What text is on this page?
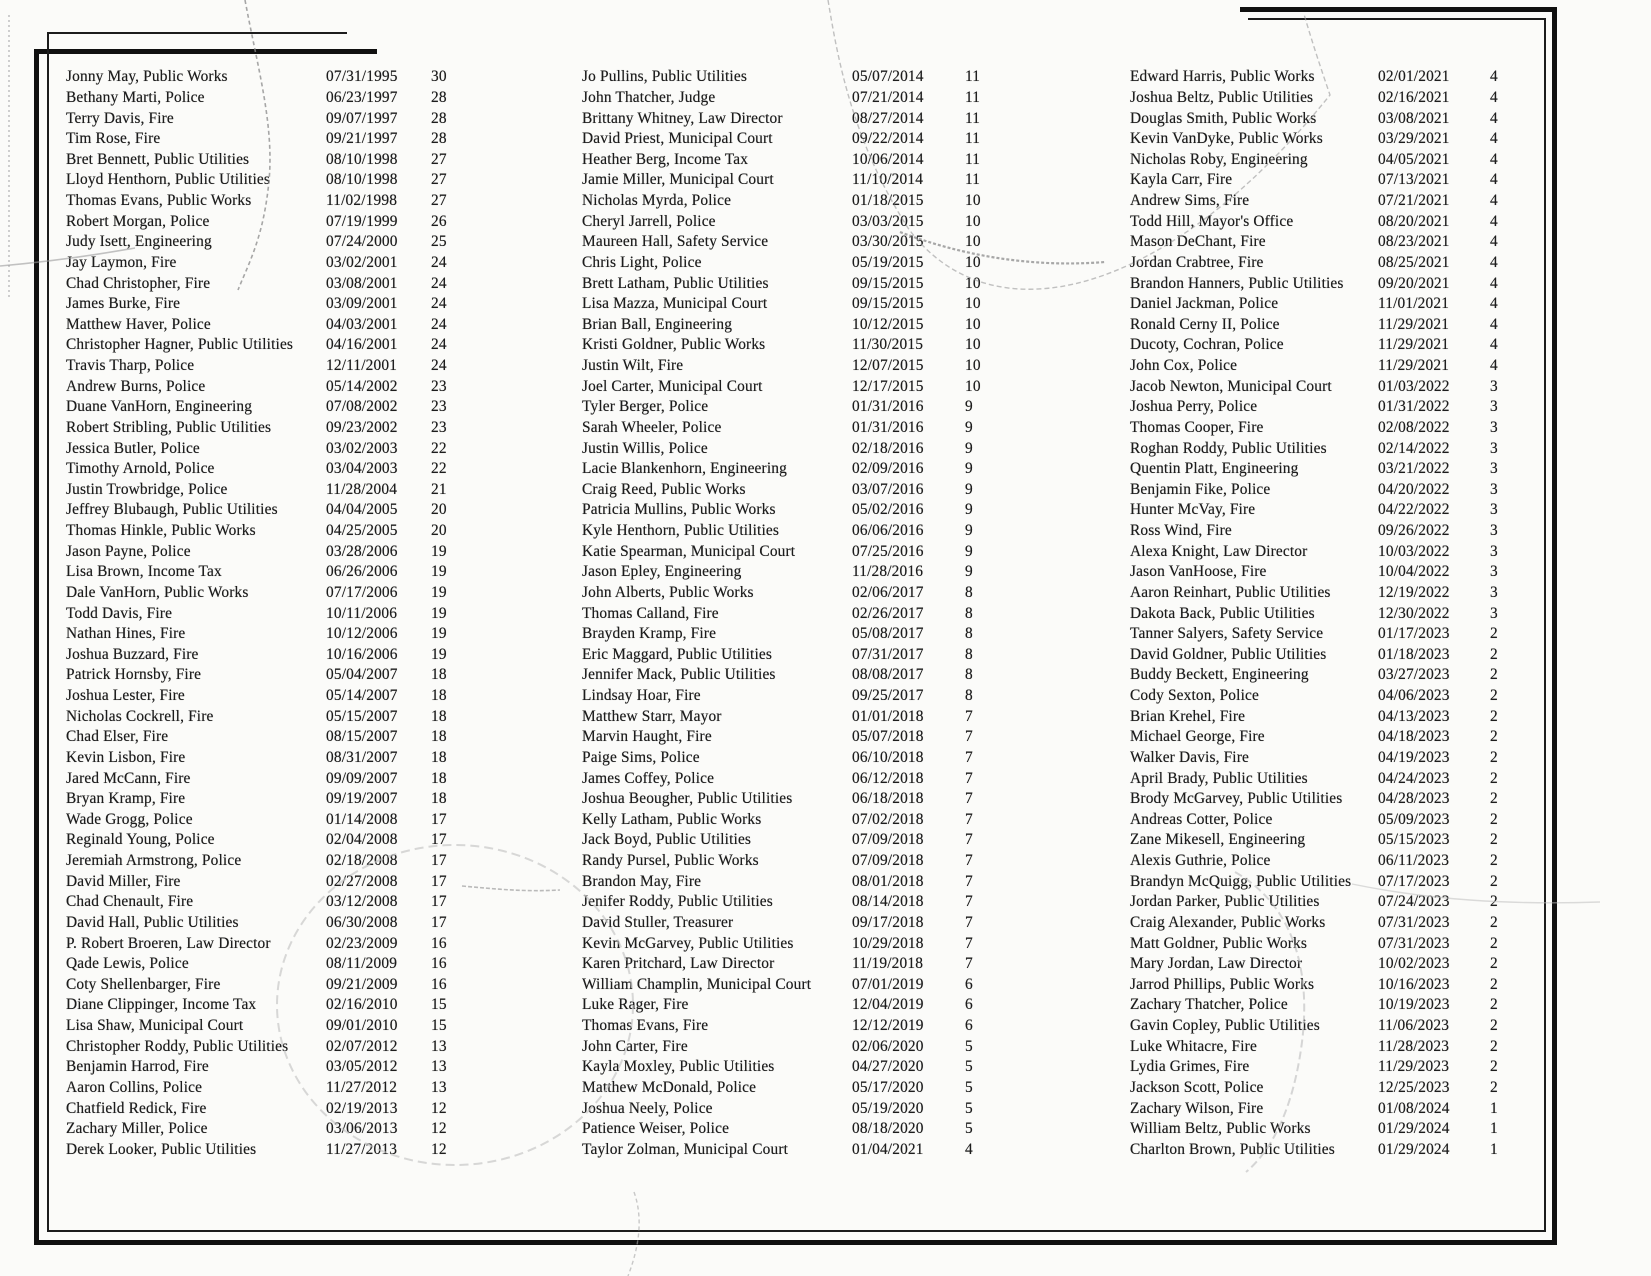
Jonny May, Public Works	07/31/1995	30
Bethany Marti, Police	06/23/1997	28
Terry Davis, Fire	09/07/1997	28
Tim Rose, Fire	09/21/1997	28
Bret Bennett, Public Utilities	08/10/1998	27
Lloyd Henthorn, Public Utilities	08/10/1998	27
Thomas Evans, Public Works	11/02/1998	27
Robert Morgan, Police	07/19/1999	26
Judy Isett, Engineering	07/24/2000	25
Jay Laymon, Fire	03/02/2001	24
Chad Christopher, Fire	03/08/2001	24
James Burke, Fire	03/09/2001	24
Matthew Haver, Police	04/03/2001	24
Christopher Hagner, Public Utilities	04/16/2001	24
Travis Tharp, Police	12/11/2001	24
Andrew Burns, Police	05/14/2002	23
Duane VanHorn, Engineering	07/08/2002	23
Robert Stribling, Public Utilities	09/23/2002	23
Jessica Butler, Police	03/02/2003	22
Timothy Arnold, Police	03/04/2003	22
Justin Trowbridge, Police	11/28/2004	21
Jeffrey Blubaugh, Public Utilities	04/04/2005	20
Thomas Hinkle, Public Works	04/25/2005	20
Jason Payne, Police	03/28/2006	19
Lisa Brown, Income Tax	06/26/2006	19
Dale VanHorn, Public Works	07/17/2006	19
Todd Davis, Fire	10/11/2006	19
Nathan Hines, Fire	10/12/2006	19
Joshua Buzzard, Fire	10/16/2006	19
Patrick Hornsby, Fire	05/04/2007	18
Joshua Lester, Fire	05/14/2007	18
Nicholas Cockrell, Fire	05/15/2007	18
Chad Elser, Fire	08/15/2007	18
Kevin Lisbon, Fire	08/31/2007	18
Jared McCann, Fire	09/09/2007	18
Bryan Kramp, Fire	09/19/2007	18
Wade Grogg, Police	01/14/2008	17
Reginald Young, Police	02/04/2008	17
Jeremiah Armstrong, Police	02/18/2008	17
David Miller, Fire	02/27/2008	17
Chad Chenault, Fire	03/12/2008	17
David Hall, Public Utilities	06/30/2008	17
P. Robert Broeren, Law Director	02/23/2009	16
Qade Lewis, Police	08/11/2009	16
Coty Shellenbarger, Fire	09/21/2009	16
Diane Clippinger, Income Tax	02/16/2010	15
Lisa Shaw, Municipal Court	09/01/2010	15
Christopher Roddy, Public Utilities	02/07/2012	13
Benjamin Harrod, Fire	03/05/2012	13
Aaron Collins, Police	11/27/2012	13
Chatfield Redick, Fire	02/19/2013	12
Zachary Miller, Police	03/06/2013	12
Derek Looker, Public Utilities	11/27/2013	12
Jo Pullins, Public Utilities	05/07/2014	11
John Thatcher, Judge	07/21/2014	11
Brittany Whitney, Law Director	08/27/2014	11
David Priest, Municipal Court	09/22/2014	11
Heather Berg, Income Tax	10/06/2014	11
Jamie Miller, Municipal Court	11/10/2014	11
Nicholas Myrda, Police	01/18/2015	10
Cheryl Jarrell, Police	03/03/2015	10
Maureen Hall, Safety Service	03/30/2015	10
Chris Light, Police	05/19/2015	10
Brett Latham, Public Utilities	09/15/2015	10
Lisa Mazza, Municipal Court	09/15/2015	10
Brian Ball, Engineering	10/12/2015	10
Kristi Goldner, Public Works	11/30/2015	10
Justin Wilt, Fire	12/07/2015	10
Joel Carter, Municipal Court	12/17/2015	10
Tyler Berger, Police	01/31/2016	9
Sarah Wheeler, Police	01/31/2016	9
Justin Willis, Police	02/18/2016	9
Lacie Blankenhorn, Engineering	02/09/2016	9
Craig Reed, Public Works	03/07/2016	9
Patricia Mullins, Public Works	05/02/2016	9
Kyle Henthorn, Public Utilities	06/06/2016	9
Katie Spearman, Municipal Court	07/25/2016	9
Jason Epley, Engineering	11/28/2016	9
John Alberts, Public Works	02/06/2017	8
Thomas Calland, Fire	02/26/2017	8
Brayden Kramp, Fire	05/08/2017	8
Eric Maggard, Public Utilities	07/31/2017	8
Jennifer Mack, Public Utilities	08/08/2017	8
Lindsay Hoar, Fire	09/25/2017	8
Matthew Starr, Mayor	01/01/2018	7
Marvin Haught, Fire	05/07/2018	7
Paige Sims, Police	06/10/2018	7
James Coffey, Police	06/12/2018	7
Joshua Beougher, Public Utilities	06/18/2018	7
Kelly Latham, Public Works	07/02/2018	7
Jack Boyd, Public Utilities	07/09/2018	7
Randy Pursel, Public Works	07/09/2018	7
Brandon May, Fire	08/01/2018	7
Jenifer Roddy, Public Utilities	08/14/2018	7
David Stuller, Treasurer	09/17/2018	7
Kevin McGarvey, Public Utilities	10/29/2018	7
Karen Pritchard, Law Director	11/19/2018	7
William Champlin, Municipal Court	07/01/2019	6
Luke Rager, Fire	12/04/2019	6
Thomas Evans, Fire	12/12/2019	6
John Carter, Fire	02/06/2020	5
Kayla Moxley, Public Utilities	04/27/2020	5
Matthew McDonald, Police	05/17/2020	5
Joshua Neely, Police	05/19/2020	5
Patience Weiser, Police	08/18/2020	5
Taylor Zolman, Municipal Court	01/04/2021	4
Edward Harris, Public Works	02/01/2021	4
Joshua Beltz, Public Utilities	02/16/2021	4
Douglas Smith, Public Works	03/08/2021	4
Kevin VanDyke, Public Works	03/29/2021	4
Nicholas Roby, Engineering	04/05/2021	4
Kayla Carr, Fire	07/13/2021	4
Andrew Sims, Fire	07/21/2021	4
Todd Hill, Mayor's Office	08/20/2021	4
Mason DeChant, Fire	08/23/2021	4
Jordan Crabtree, Fire	08/25/2021	4
Brandon Hanners, Public Utilities	09/20/2021	4
Daniel Jackman, Police	11/01/2021	4
Ronald Cerny II, Police	11/29/2021	4
Ducoty, Cochran, Police	11/29/2021	4
John Cox, Police	11/29/2021	4
Jacob Newton, Municipal Court	01/03/2022	3
Joshua Perry, Police	01/31/2022	3
Thomas Cooper, Fire	02/08/2022	3
Roghan Roddy, Public Utilities	02/14/2022	3
Quentin Platt, Engineering	03/21/2022	3
Benjamin Fike, Police	04/20/2022	3
Hunter McVay, Fire	04/22/2022	3
Ross Wind, Fire	09/26/2022	3
Alexa Knight, Law Director	10/03/2022	3
Jason VanHoose, Fire	10/04/2022	3
Aaron Reinhart, Public Utilities	12/19/2022	3
Dakota Back, Public Utilities	12/30/2022	3
Tanner Salyers, Safety Service	01/17/2023	2
David Goldner, Public Utilities	01/18/2023	2
Buddy Beckett, Engineering	03/27/2023	2
Cody Sexton, Police	04/06/2023	2
Brian Krehel, Fire	04/13/2023	2
Michael George, Fire	04/18/2023	2
Walker Davis, Fire	04/19/2023	2
April Brady, Public Utilities	04/24/2023	2
Brody McGarvey, Public Utilities	04/28/2023	2
Andreas Cotter, Police	05/09/2023	2
Zane Mikesell, Engineering	05/15/2023	2
Alexis Guthrie, Police	06/11/2023	2
Brandyn McQuigg, Public Utilities	07/17/2023	2
Jordan Parker, Public Utilities	07/24/2023	2
Craig Alexander, Public Works	07/31/2023	2
Matt Goldner, Public Works	07/31/2023	2
Mary Jordan, Law Director	10/02/2023	2
Jarrod Phillips, Public Works	10/16/2023	2
Zachary Thatcher, Police	10/19/2023	2
Gavin Copley, Public Utilities	11/06/2023	2
Luke Whitacre, Fire	11/28/2023	2
Lydia Grimes, Fire	11/29/2023	2
Jackson Scott, Police	12/25/2023	2
Zachary Wilson, Fire	01/08/2024	1
William Beltz, Public Works	01/29/2024	1
Charlton Brown, Public Utilities	01/29/2024	1
